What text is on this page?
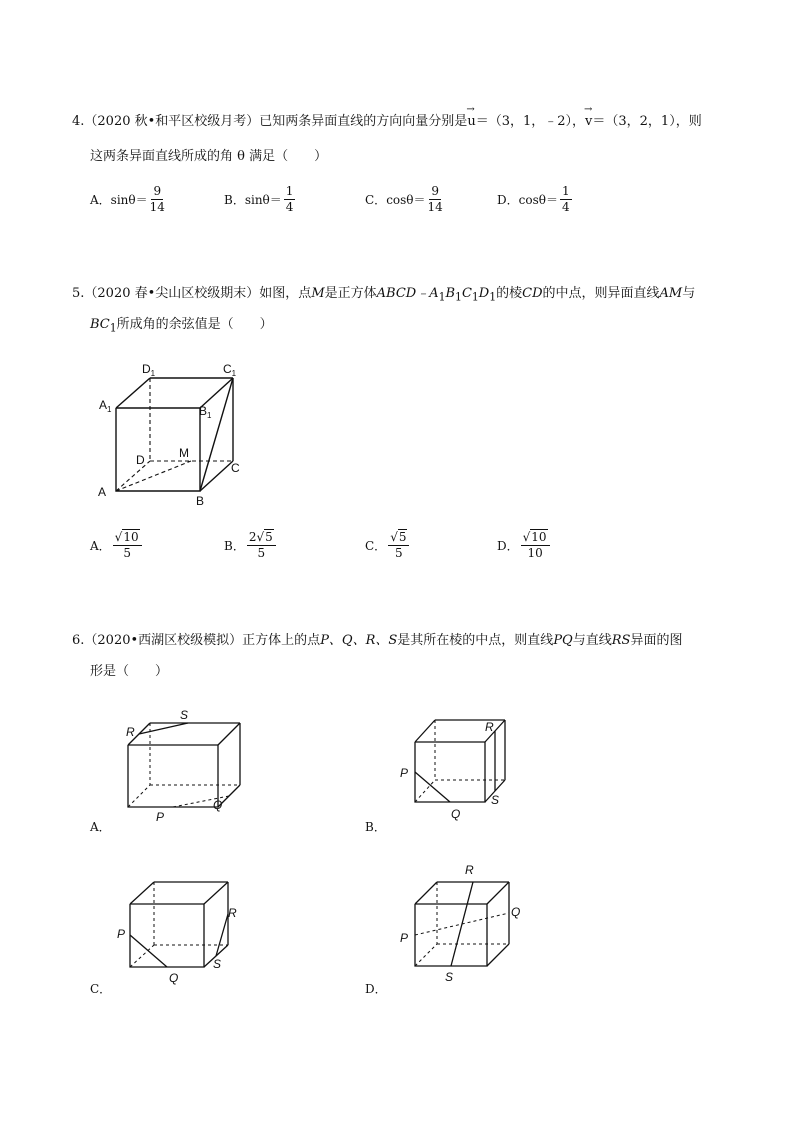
4.（2020 秋•和平区校级月考）已知两条异面直线的方向向量分别是→ u＝（3，1，﹣2），→ v＝（3，2，1），则
这两条异面直线所成的角 θ 满足（　　）
A． $\sin\theta= \frac{9}{14}$	B． $\sin\theta= \frac{1}{4}$	C． $\cos\theta= \frac{9}{14}$	D． $\cos\theta= \frac{1}{4}$
5.（2020 春•尖山区校级期末）如图，点M是正方体$ABCD﹣A_1B_1C_1D_1$的棱CD的中点，则异面直线AM与
$BC_1$所成角的余弦值是（　　）
$D_1$	$C_1$
$A_1$	$B_1$
D	M
C
A
B
A． $\frac{√10}{5}$	B． $\frac{2√5}{5}$	C． $\frac{√5}{5}$	D． $\frac{√10}{10}$
6.（2020•西湖区校级模拟）正方体上的点P、Q、R、S是其所在棱的中点，则直线PQ与直线RS异面的图
形是（　　）
R
S
P
Q
A．
P
Q
R
S
B．
P
Q
R
S
C．
P
Q
R
S
D．
